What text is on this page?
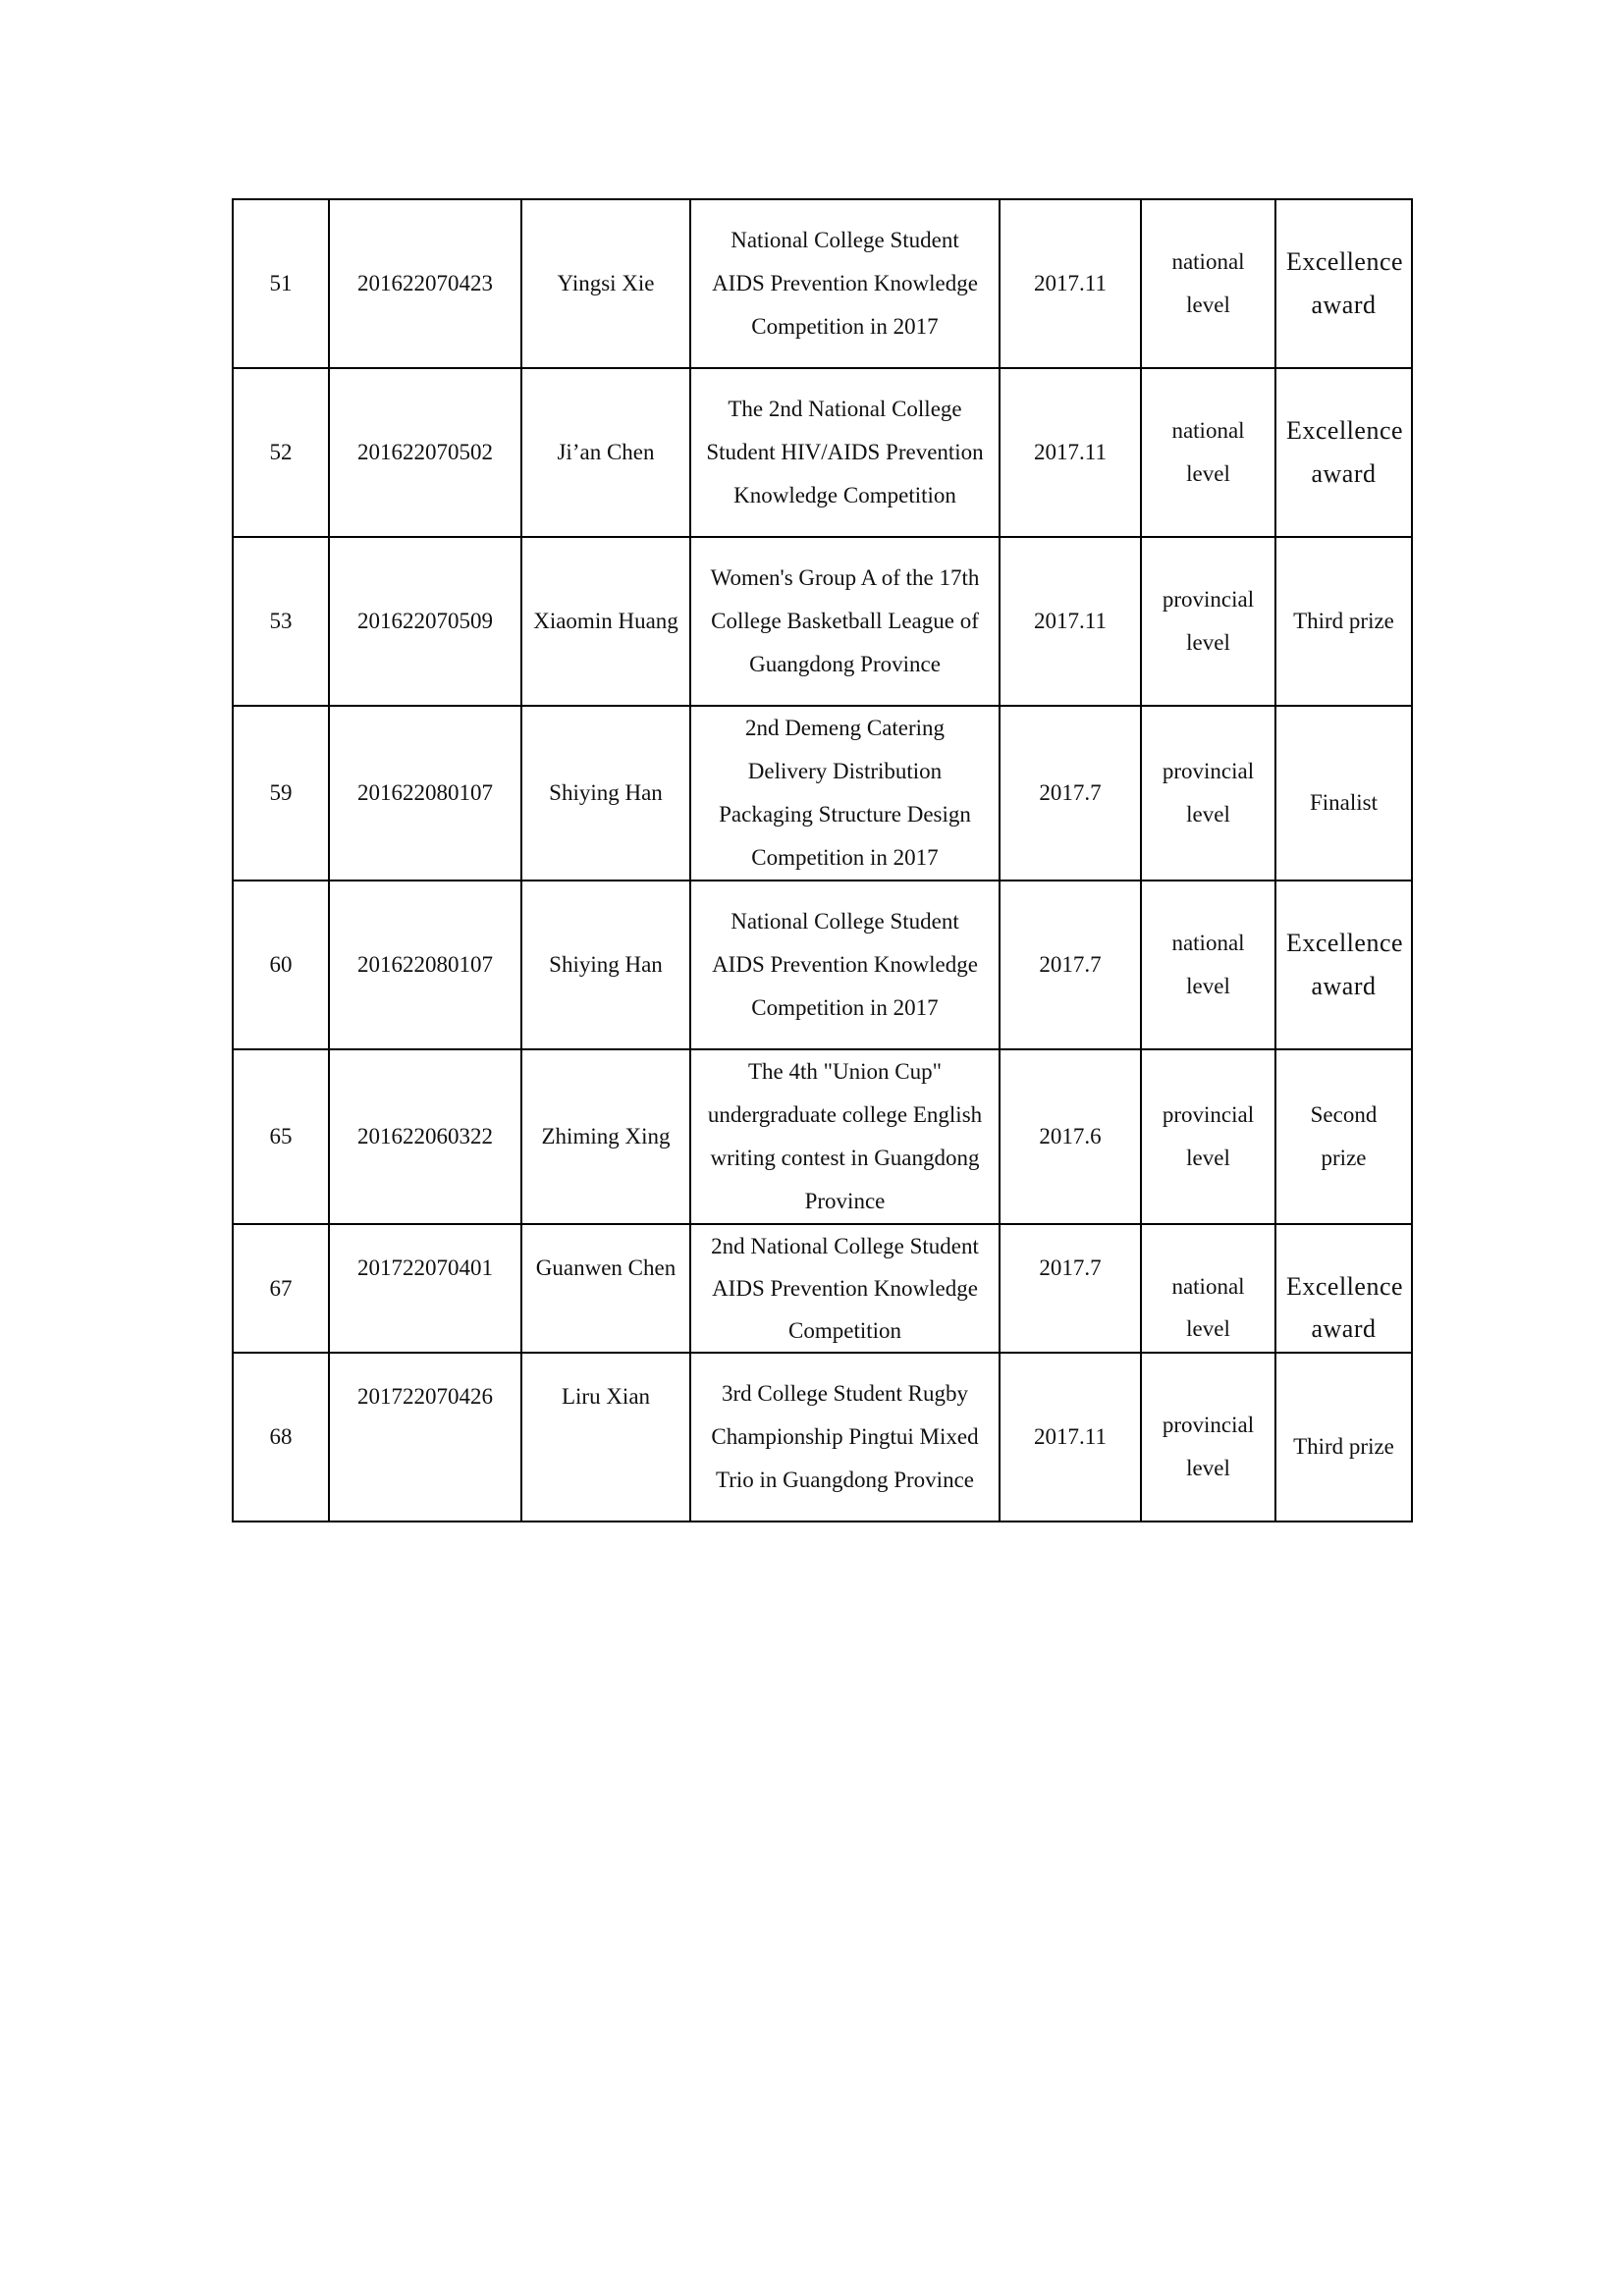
51	201622070423	Yingsi Xie	National College Student AIDS Prevention Knowledge Competition in 2017	2017.11	national level	Excellence award
52	201622070502	Ji’an Chen	The 2nd National College Student HIV/AIDS Prevention Knowledge Competition	2017.11	national level	Excellence award
53	201622070509	Xiaomin Huang	Women's Group A of the 17th College Basketball League of Guangdong Province	2017.11	provincial level	Third prize
59	201622080107	Shiying Han	2nd Demeng Catering Delivery Distribution Packaging Structure Design Competition in 2017	2017.7	provincial level	Finalist
60	201622080107	Shiying Han	National College Student AIDS Prevention Knowledge Competition in 2017	2017.7	national level	Excellence award
65	201622060322	Zhiming Xing	The 4th "Union Cup" undergraduate college English writing contest in Guangdong Province	2017.6	provincial level	Second prize
67	201722070401	Guanwen Chen	2nd National College Student AIDS Prevention Knowledge Competition	2017.7	national level	Excellence award
68	201722070426	Liru Xian	3rd College Student Rugby Championship Pingtui Mixed Trio in Guangdong Province	2017.11	provincial level	Third prize
